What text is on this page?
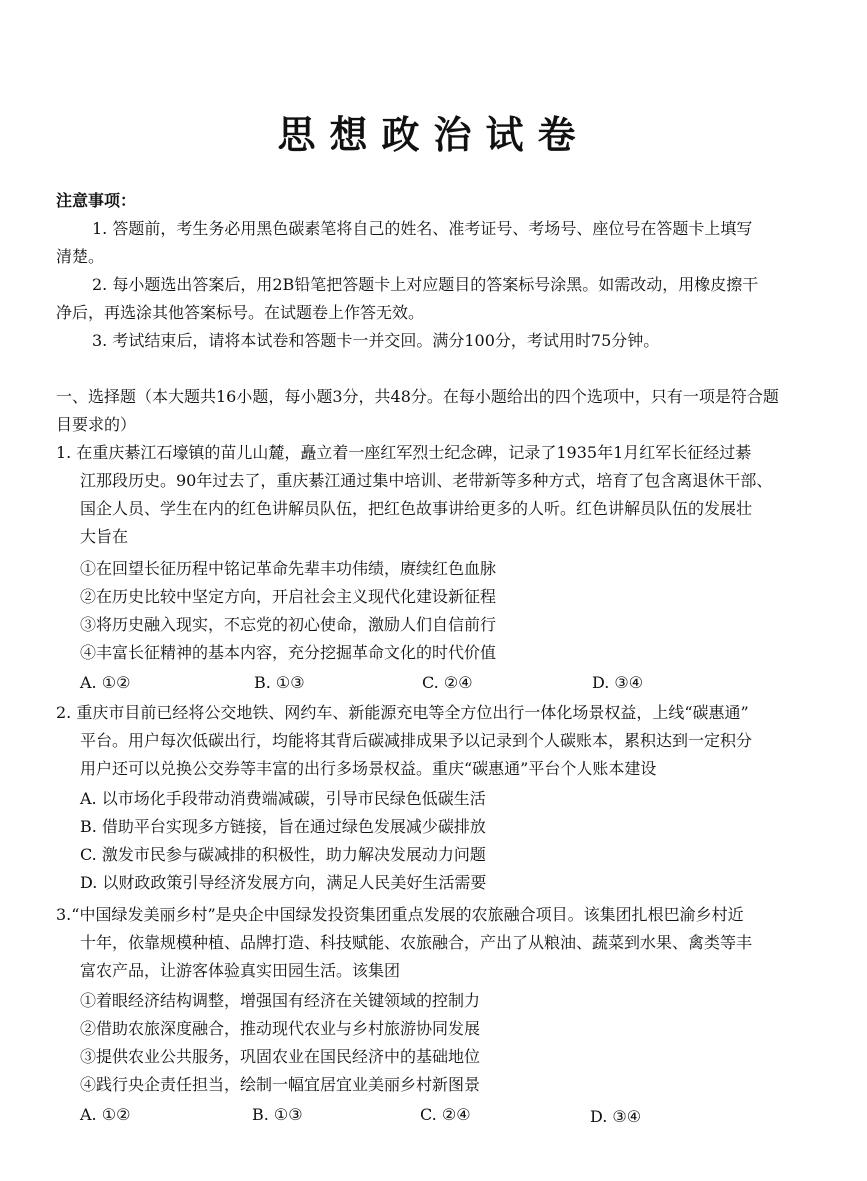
思想政治试卷
注意事项：
1. 答题前，考生务必用黑色碳素笔将自己的姓名、准考证号、考场号、座位号在答题卡上填写
清楚。
2. 每小题选出答案后，用2B铅笔把答题卡上对应题目的答案标号涂黑。如需改动，用橡皮擦干
净后，再选涂其他答案标号。在试题卷上作答无效。
3. 考试结束后，请将本试卷和答题卡一并交回。满分100分，考试用时75分钟。
一、选择题（本大题共16小题，每小题3分，共48分。在每小题给出的四个选项中，只有一项是符合题
目要求的）
1. 在重庆綦江石壕镇的苗儿山麓，矗立着一座红军烈士纪念碑，记录了1935年1月红军长征经过綦
江那段历史。90年过去了，重庆綦江通过集中培训、老带新等多种方式，培育了包含离退休干部、
国企人员、学生在内的红色讲解员队伍，把红色故事讲给更多的人听。红色讲解员队伍的发展壮
大旨在
①在回望长征历程中铭记革命先辈丰功伟绩，赓续红色血脉
②在历史比较中坚定方向，开启社会主义现代化建设新征程
③将历史融入现实，不忘党的初心使命，激励人们自信前行
④丰富长征精神的基本内容，充分挖掘革命文化的时代价值
A. ①②	B. ①③	C. ②④	D. ③④
2. 重庆市目前已经将公交地铁、网约车、新能源充电等全方位出行一体化场景权益，上线“碳惠通”
平台。用户每次低碳出行，均能将其背后碳减排成果予以记录到个人碳账本，累积达到一定积分
用户还可以兑换公交券等丰富的出行多场景权益。重庆“碳惠通”平台个人账本建设
A. 以市场化手段带动消费端减碳，引导市民绿色低碳生活
B. 借助平台实现多方链接，旨在通过绿色发展减少碳排放
C. 激发市民参与碳减排的积极性，助力解决发展动力问题
D. 以财政政策引导经济发展方向，满足人民美好生活需要
3.“中国绿发美丽乡村”是央企中国绿发投资集团重点发展的农旅融合项目。该集团扎根巴渝乡村近
十年，依靠规模种植、品牌打造、科技赋能、农旅融合，产出了从粮油、蔬菜到水果、禽类等丰
富农产品，让游客体验真实田园生活。该集团
①着眼经济结构调整，增强国有经济在关键领域的控制力
②借助农旅深度融合，推动现代农业与乡村旅游协同发展
③提供农业公共服务，巩固农业在国民经济中的基础地位
④践行央企责任担当，绘制一幅宜居宜业美丽乡村新图景
A. ①②	B. ①③	C. ②④	D. ③④
